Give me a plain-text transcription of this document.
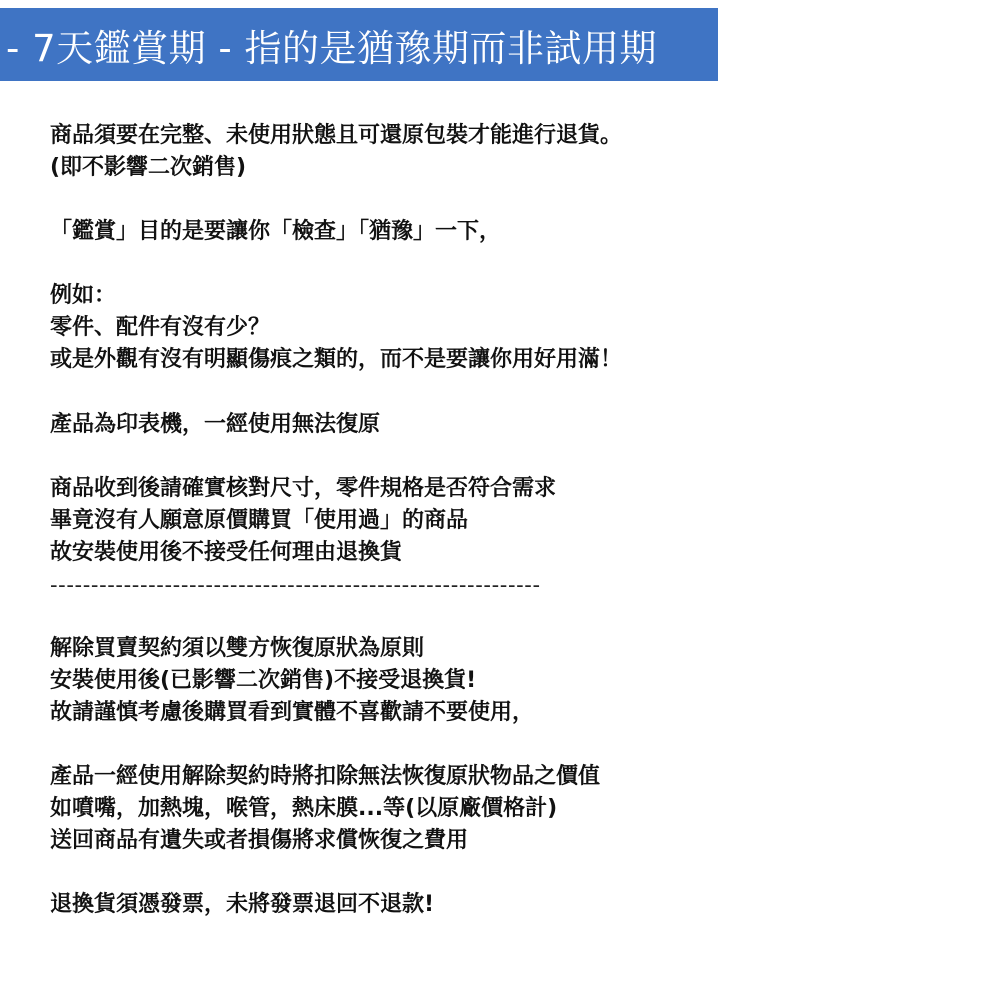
- 7天鑑賞期 - 指的是猶豫期而非試用期
商品須要在完整、未使用狀態且可還原包裝才能進行退貨。
(即不影響二次銷售)
「鑑賞」目的是要讓你「檢查」「猶豫」一下，
例如：
零件、配件有沒有少？
或是外觀有沒有明顯傷痕之類的，而不是要讓你用好用滿！
產品為印表機，一經使用無法復原
商品收到後請確實核對尺寸，零件規格是否符合需求
畢竟沒有人願意原價購買「使用過」的商品
故安裝使用後不接受任何理由退換貨
------------------------------------------------------------
解除買賣契約須以雙方恢復原狀為原則
安裝使用後(已影響二次銷售)不接受退換貨!
故請謹慎考慮後購買看到實體不喜歡請不要使用，
產品一經使用解除契約時將扣除無法恢復原狀物品之價值
如噴嘴，加熱塊，喉管，熱床膜...等(以原廠價格計)
送回商品有遺失或者損傷將求償恢復之費用
退換貨須憑發票，未將發票退回不退款!
